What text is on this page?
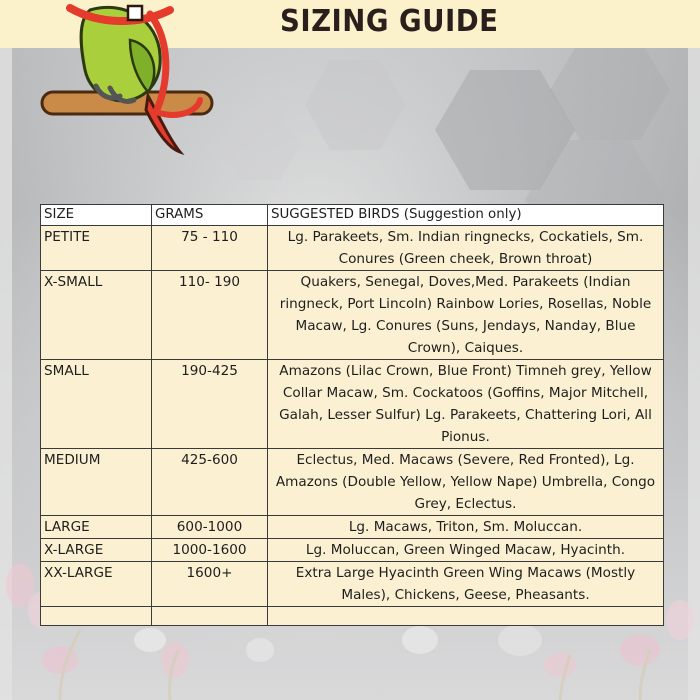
SIZING GUIDE
SIZE	GRAMS	SUGGESTED BIRDS (Suggestion only)
PETITE	75 - 110	Lg. Parakeets, Sm. Indian ringnecks, Cockatiels, Sm. Conures (Green cheek, Brown throat)
X-SMALL	110- 190	Quakers, Senegal, Doves,Med. Parakeets (Indian ringneck, Port Lincoln) Rainbow Lories, Rosellas, Noble Macaw, Lg. Conures (Suns, Jendays, Nanday, Blue Crown), Caiques.
SMALL	190-425	Amazons (Lilac Crown, Blue Front) Timneh grey, Yellow Collar Macaw, Sm. Cockatoos (Goffins, Major Mitchell, Galah, Lesser Sulfur) Lg. Parakeets, Chattering Lori, All Pionus.
MEDIUM	425-600	Eclectus, Med. Macaws (Severe, Red Fronted), Lg. Amazons (Double Yellow, Yellow Nape) Umbrella, Congo Grey, Eclectus.
LARGE	600-1000	Lg. Macaws, Triton, Sm. Moluccan.
X-LARGE	1000-1600	Lg. Moluccan, Green Winged Macaw, Hyacinth.
XX-LARGE	1600+	Extra Large Hyacinth Green Wing Macaws (Mostly Males), Chickens, Geese, Pheasants.
